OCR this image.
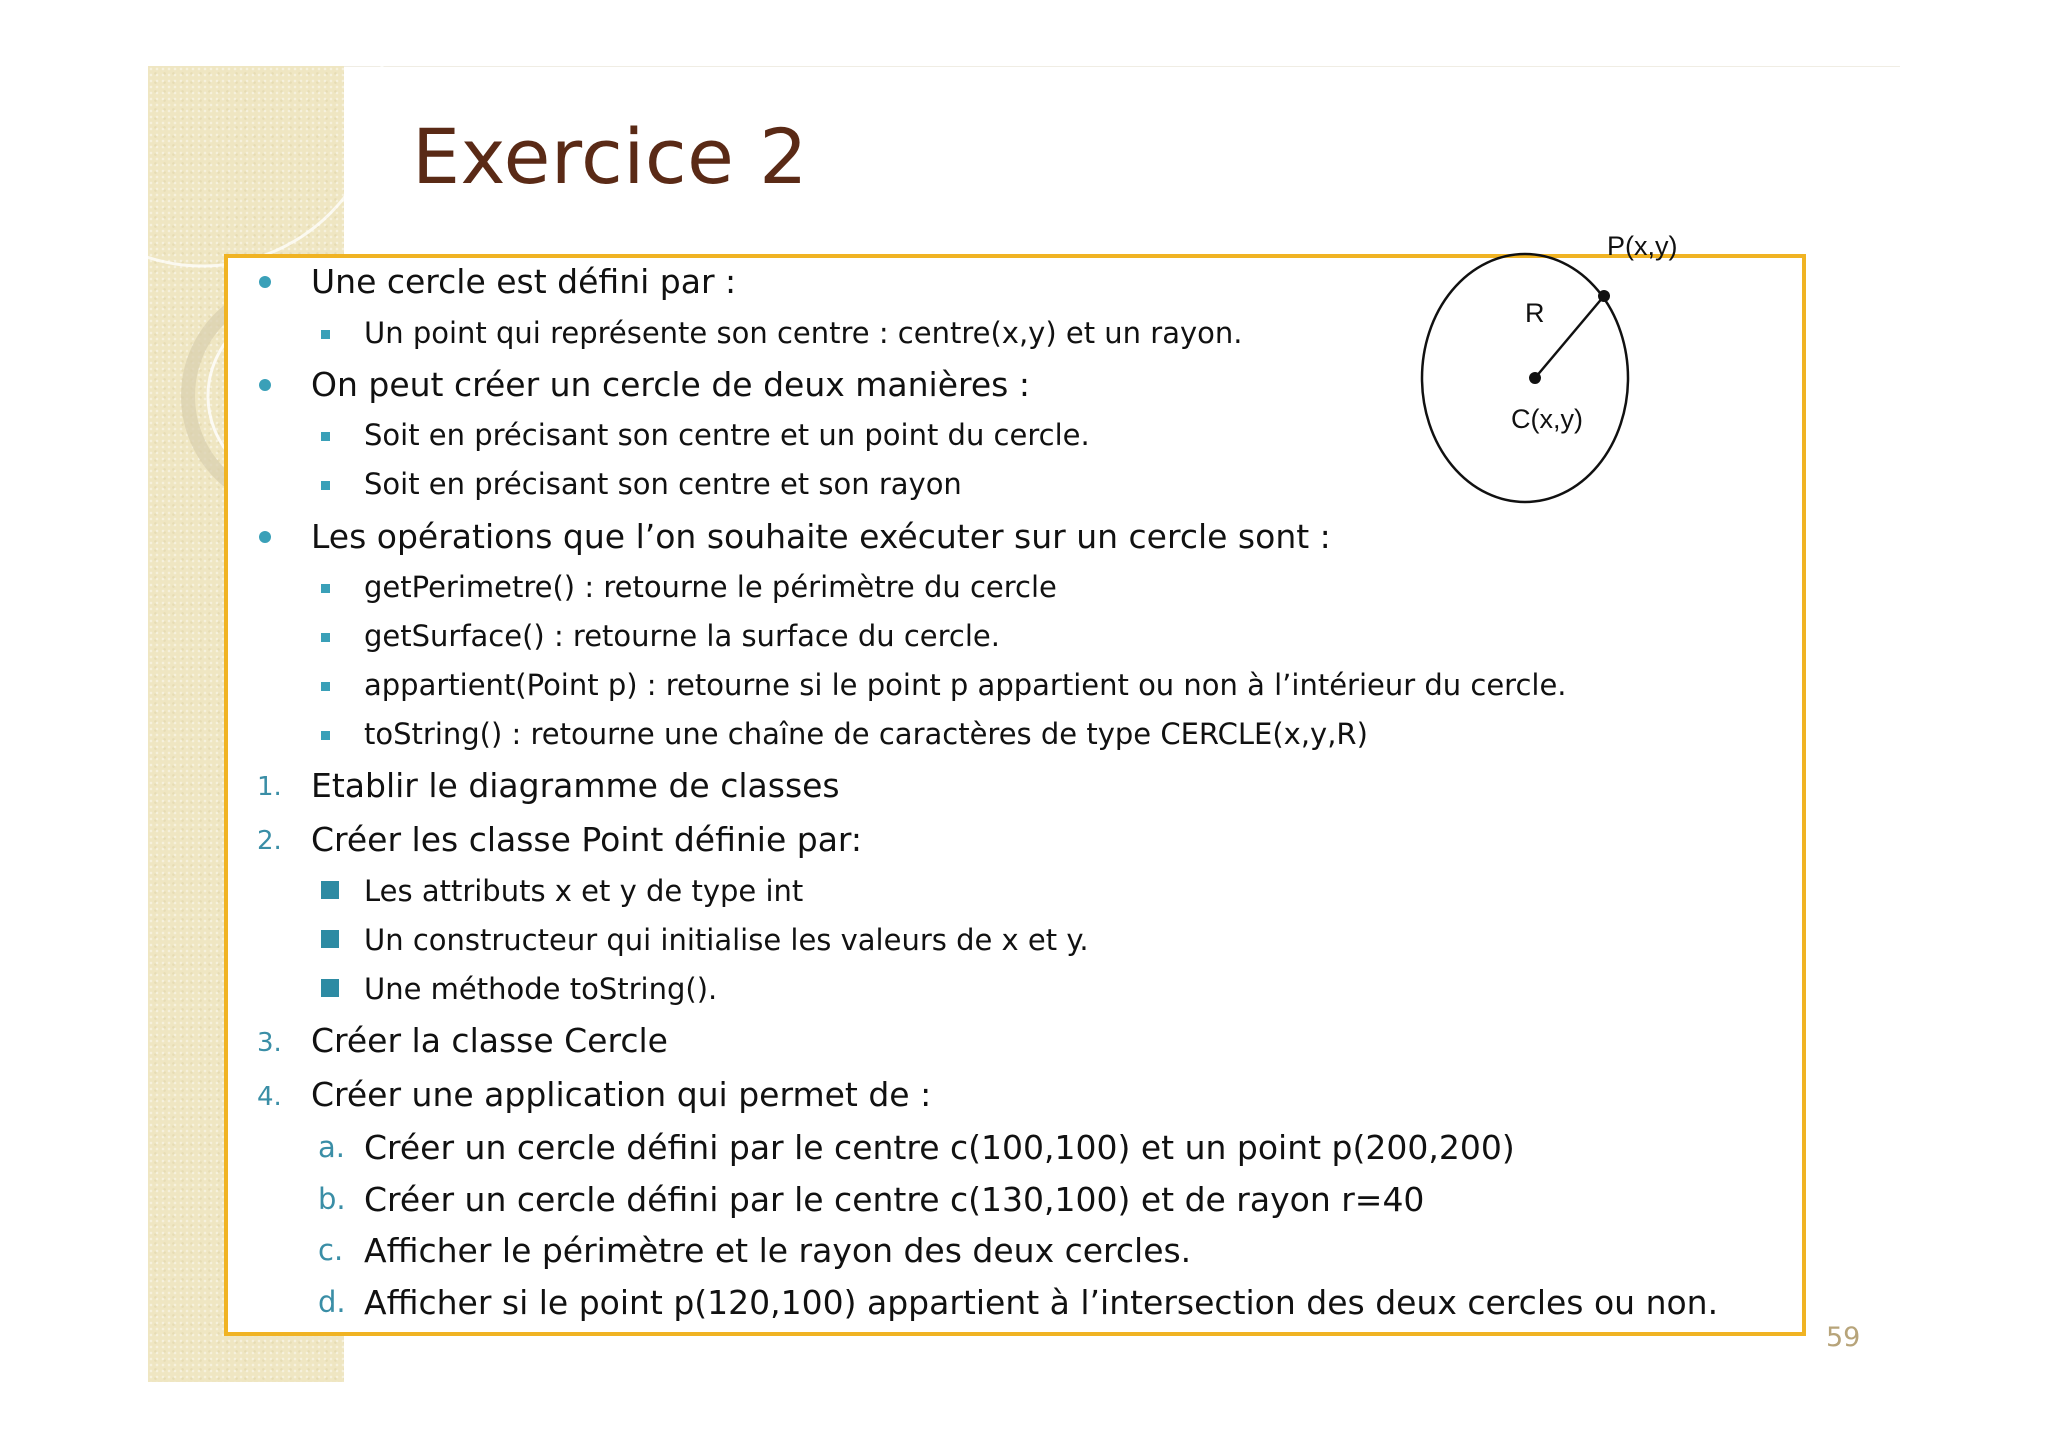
Exercice 2
Une cercle est défini par :
Un point qui représente son centre : centre(x,y) et un rayon.
On peut créer un cercle de deux manières :
Soit en précisant son centre et un point du cercle.
Soit en précisant son centre et son rayon
Les opérations que l’on souhaite exécuter sur un cercle sont :
getPerimetre() : retourne le périmètre du cercle
getSurface() : retourne la surface du cercle.
appartient(Point p) : retourne si le point p appartient ou non à l’intérieur du cercle.
toString() : retourne une chaîne de caractères de type CERCLE(x,y,R)
1. Etablir le diagramme de classes
2. Créer les classe Point définie par:
Les attributs x et y de type int
Un constructeur qui initialise les valeurs de x et y.
Une méthode toString().
3. Créer la classe Cercle
4. Créer une application qui permet de :
a. Créer un cercle défini par le centre c(100,100) et un point p(200,200)
b. Créer un cercle défini par le centre c(130,100) et de rayon r=40
c. Afficher le périmètre et le rayon des deux cercles.
d. Afficher si le point p(120,100) appartient à l’intersection des deux cercles ou non.
P(x,y)
R
C(x,y)
59
